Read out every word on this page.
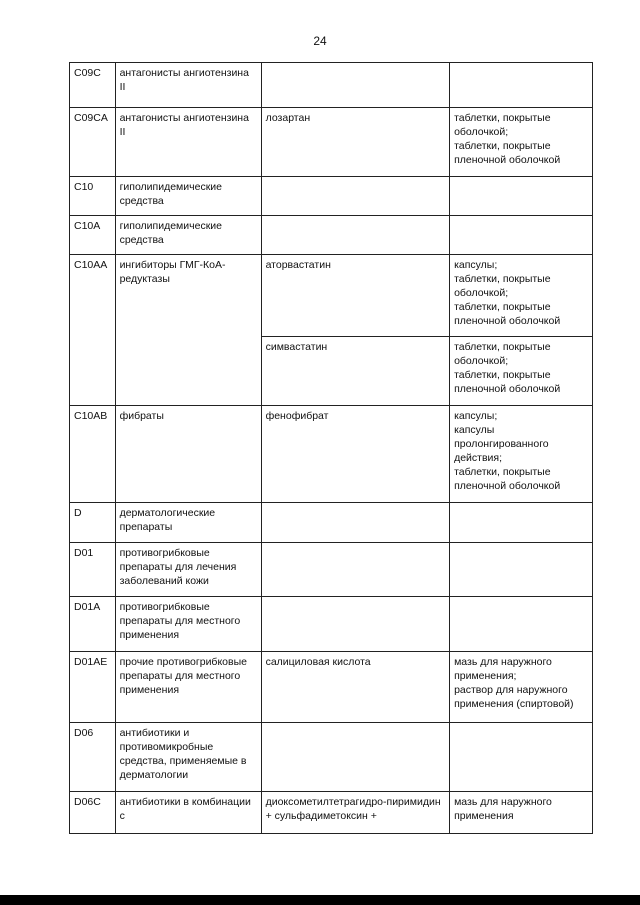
24
C09C	антагонисты ангиотензина II		
C09CA	антагонисты ангиотензина II	лозартан	таблетки, покрытые оболочкой;
таблетки, покрытые пленочной оболочкой
C10	гиполипидемические средства		
C10A	гиполипидемические средства		
C10AA	ингибиторы ГМГ-КоА-редуктазы	аторвастатин	капсулы;
таблетки, покрытые оболочкой;
таблетки, покрытые пленочной оболочкой
		симвастатин	таблетки, покрытые оболочкой;
таблетки, покрытые пленочной оболочкой
C10AB	фибраты	фенофибрат	капсулы;
капсулы пролонгированного действия;
таблетки, покрытые пленочной оболочкой
D	дерматологические препараты		
D01	противогрибковые препараты для лечения заболеваний кожи		
D01A	противогрибковые препараты для местного применения		
D01AE	прочие противогрибковые препараты для местного применения	салициловая кислота	мазь для наружного применения;
раствор для наружного применения (спиртовой)
D06	антибиотики и противомикробные средства, применяемые в дерматологии		
D06C	антибиотики в комбинации с	диоксометилтетрагидро-пиримидин + сульфадиметоксин +	мазь для наружного применения
